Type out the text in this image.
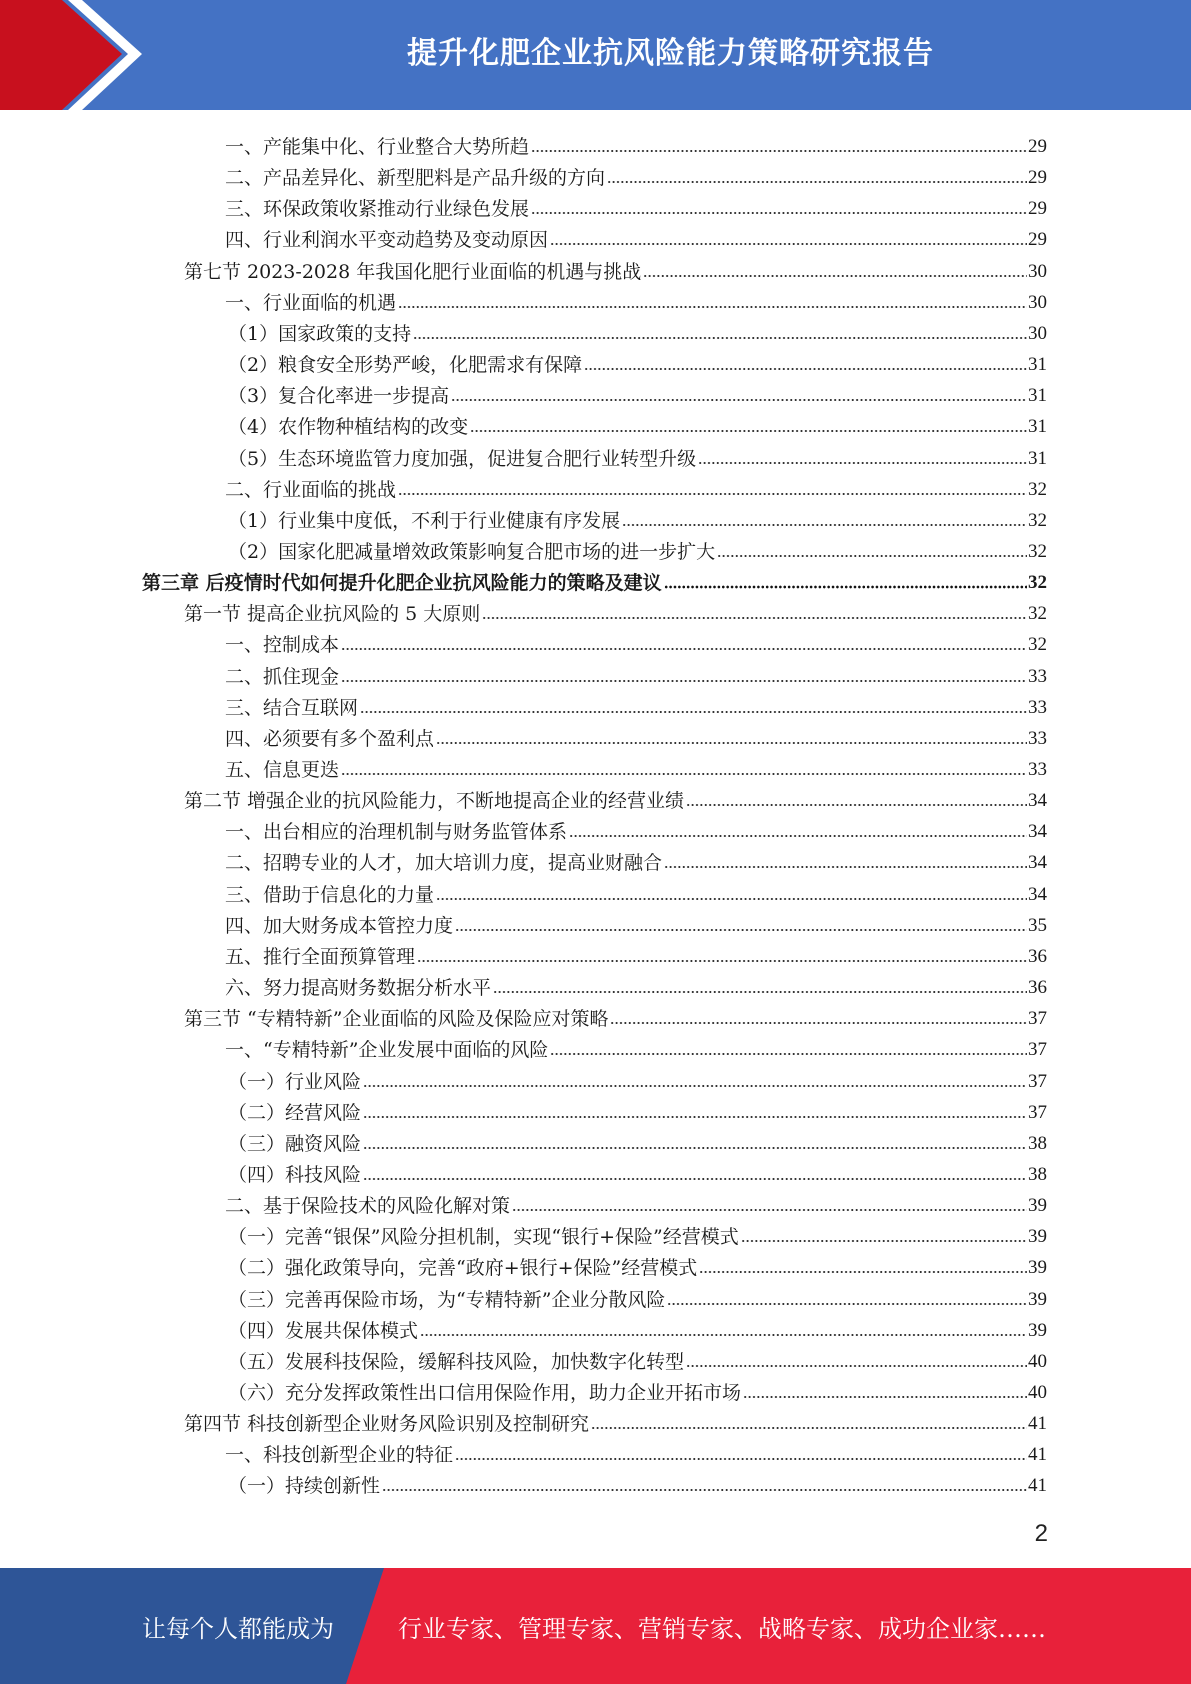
提升化肥企业抗风险能力策略研究报告
一、产能集中化、行业整合大势所趋	29
二、产品差异化、新型肥料是产品升级的方向	29
三、环保政策收紧推动行业绿色发展	29
四、行业利润水平变动趋势及变动原因	29
第七节 2023-2028 年我国化肥行业面临的机遇与挑战	30
一、行业面临的机遇	30
（1）国家政策的支持	30
（2）粮食安全形势严峻，化肥需求有保障	31
（3）复合化率进一步提高	31
（4）农作物种植结构的改变	31
（5）生态环境监管力度加强，促进复合肥行业转型升级	31
二、行业面临的挑战	32
（1）行业集中度低，不利于行业健康有序发展	32
（2）国家化肥减量增效政策影响复合肥市场的进一步扩大	32
第三章 后疫情时代如何提升化肥企业抗风险能力的策略及建议	32
第一节 提高企业抗风险的 5 大原则	32
一、控制成本	32
二、抓住现金	33
三、结合互联网	33
四、必须要有多个盈利点	33
五、信息更迭	33
第二节 增强企业的抗风险能力，不断地提高企业的经营业绩	34
一、出台相应的治理机制与财务监管体系	34
二、招聘专业的人才，加大培训力度，提高业财融合	34
三、借助于信息化的力量	34
四、加大财务成本管控力度	35
五、推行全面预算管理	36
六、努力提高财务数据分析水平	36
第三节 “专精特新”企业面临的风险及保险应对策略	37
一、“专精特新”企业发展中面临的风险	37
（一）行业风险	37
（二）经营风险	37
（三）融资风险	38
（四）科技风险	38
二、基于保险技术的风险化解对策	39
（一）完善“银保”风险分担机制，实现“银行+保险”经营模式	39
（二）强化政策导向，完善“政府+银行+保险”经营模式	39
（三）完善再保险市场，为“专精特新”企业分散风险	39
（四）发展共保体模式	39
（五）发展科技保险，缓解科技风险，加快数字化转型	40
（六）充分发挥政策性出口信用保险作用，助力企业开拓市场	40
第四节 科技创新型企业财务风险识别及控制研究	41
一、科技创新型企业的特征	41
（一）持续创新性	41
2
让每个人都能成为	行业专家、管理专家、营销专家、战略专家、成功企业家……
